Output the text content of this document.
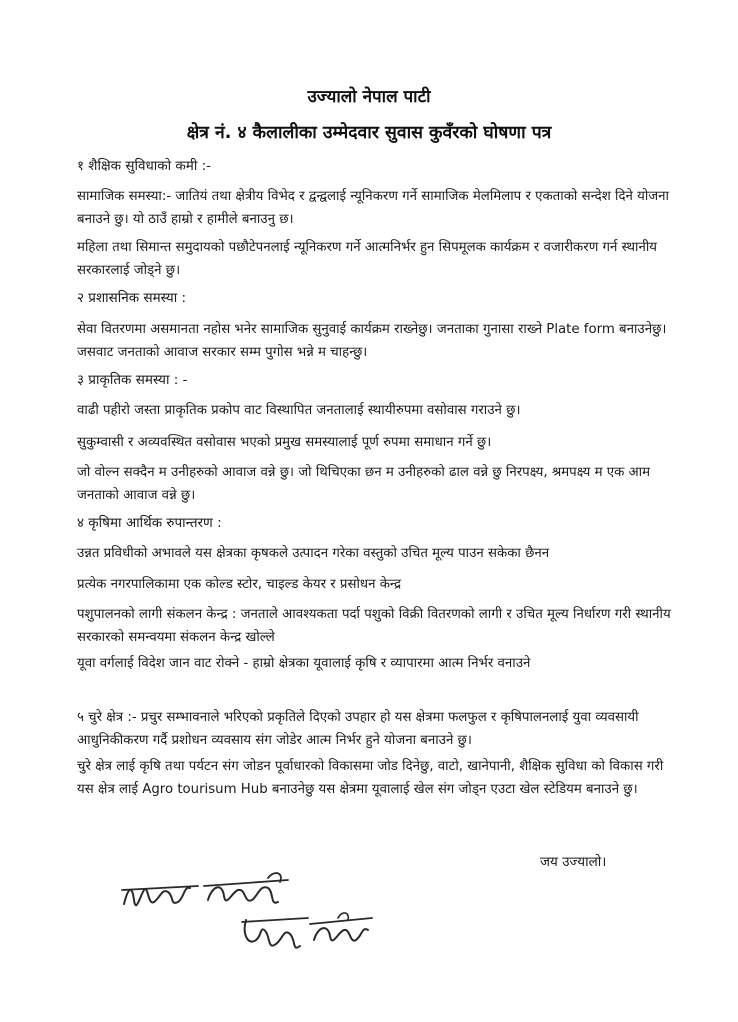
उज्यालो नेपाल पाटी
क्षेत्र नं. ४ कैलालीका उम्मेदवार सुवास कुवँरको घोषणा पत्र
१ शैक्षिक सुविधाको कमी :-
सामाजिक समस्या:- जातियं तथा क्षेत्रीय विभेद र द्वन्द्वलाई न्यूनिकरण गर्ने सामाजिक मेलमिलाप र एकताको सन्देश दिने योजना बनाउने छु। यो ठाउँ हाम्रो र हामीले बनाउनु छ।
महिला तथा सिमान्त समुदायको पछौटेपनलाई न्यूनिकरण गर्ने आत्मनिर्भर हुन सिपमूलक कार्यक्रम र वजारीकरण गर्न स्थानीय सरकारलाई जोड्ने छु।
२ प्रशासनिक समस्या :
सेवा वितरणमा असमानता नहोस भनेर सामाजिक सुनुवाई कार्यक्रम राख्नेछु। जनताका गुनासा राख्ने Plate form बनाउनेछु। जसवाट जनताको आवाज सरकार सम्म पुगोस भन्ने म चाहन्छु।
३ प्राकृतिक समस्या : -
वाढी पहीरो जस्ता प्राकृतिक प्रकोप वाट विस्थापित जनतालाई स्थायीरुपमा वसोवास गराउने छु।
सुकुम्वासी र अव्यवस्थित वसोवास भएको प्रमुख समस्यालाई पूर्ण रुपमा समाधान गर्ने छु।
जो वोल्न सक्दैन म उनीहरुको आवाज वन्ने छु। जो थिचिएका छन म उनीहरुको ढाल वन्ने छु निरपक्ष्य, श्रमपक्ष्य म एक आम जनताको आवाज वन्ने छु।
४ कृषिमा आर्थिक रुपान्तरण :
उन्नत प्रविधीको अभावले यस क्षेत्रका कृषकले उत्पादन गरेका वस्तुको उचित मूल्य पाउन सकेका छैनन
प्रत्येक नगरपालिकामा एक कोल्ड स्टोर, चाइल्ड केयर र प्रसोधन केन्द्र
पशुपालनको लागी संकलन केन्द्र : जनताले आवश्यकता पर्दा पशुको विक्री वितरणको लागी र उचित मूल्य निर्धारण गरी स्थानीय सरकारको समन्वयमा संकलन केन्द्र खोल्ले
यूवा वर्गलाई विदेश जान वाट रोक्ने - हाम्रो क्षेत्रका यूवालाई कृषि र व्यापारमा आत्म निर्भर वनाउने
५ चुरे क्षेत्र :- प्रचुर सम्भावनाले भरिएको प्रकृतिले दिएको उपहार हो यस क्षेत्रमा फलफुल र कृषिपालनलाई युवा व्यवसायी आधुनिकीकरण गर्दै प्रशोधन व्यवसाय संग जोडेर आत्म निर्भर हुने योजना बनाउने छु।
चुरे क्षेत्र लाई कृषि तथा पर्यटन संग जोडन पूर्वाधारको विकासमा जोड दिनेछु, वाटो, खानेपानी, शैक्षिक सुविधा को विकास गरी यस क्षेत्र लाई Agro tourisum Hub बनाउनेछु यस क्षेत्रमा यूवालाई खेल संग जोड्न एउटा खेल स्टेडियम बनाउने छु।
जय उज्यालो।
